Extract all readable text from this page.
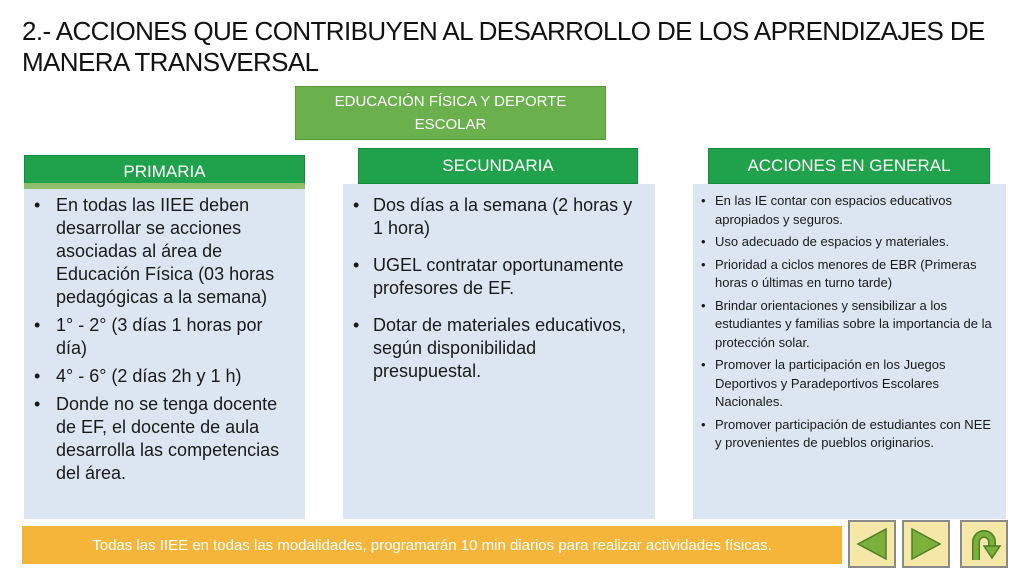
2.- ACCIONES QUE CONTRIBUYEN AL DESARROLLO DE LOS APRENDIZAJES DE MANERA TRANSVERSAL
EDUCACIÓN FÍSICA Y DEPORTE ESCOLAR
• En todas las IIEE deben desarrollar se acciones asociadas al área de Educación Física (03 horas pedagógicas a la semana)
• 1° - 2° (3 días 1 horas por día)
• 4° - 6° (2 días 2h y 1 h)
• Donde no se tenga docente de EF, el docente de aula desarrolla las competencias del área.
PRIMARIA	SECUNDARIA
• Dos días a la semana (2 horas y 1 hora)
• UGEL contratar oportunamente profesores de EF.
• Dotar de materiales educativos, según disponibilidad presupuestal.
ACCIONES EN GENERAL
• En las IE contar con espacios educativos apropiados y seguros.
• Uso adecuado de espacios y materiales.
• Prioridad a ciclos menores de EBR (Primeras horas o últimas en turno tarde)
• Brindar orientaciones y sensibilizar a los estudiantes y familias sobre la importancia de la protección solar.
• Promover la participación en los Juegos Deportivos y Paradeportivos Escolares Nacionales.
• Promover participación de estudiantes con NEE y provenientes de pueblos originarios.
Todas las IIEE en todas las modalidades, programarán 10 min diarios para realizar actividades físicas.
